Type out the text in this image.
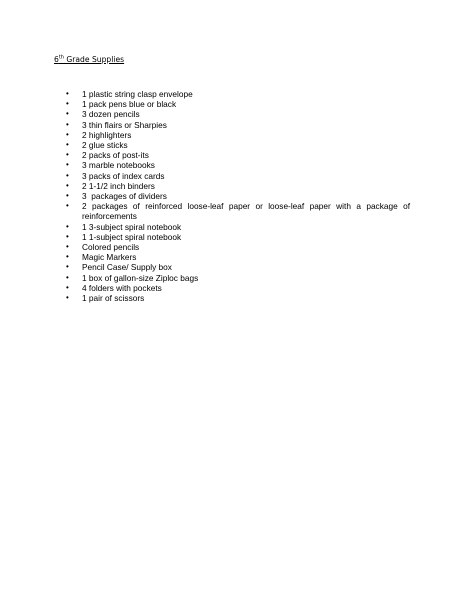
6th Grade Supplies
• 1 plastic string clasp envelope
• 1 pack pens blue or black
• 3 dozen pencils
• 3 thin flairs or Sharpies
• 2 highlighters
• 2 glue sticks
• 2 packs of post-its
• 3 marble notebooks
• 3 packs of index cards
• 2 1-1/2 inch binders
• 3  packages of dividers
• 2 packages of reinforced loose-leaf paper or loose-leaf paper with a package of reinforcements
• 1 3-subject spiral notebook
• 1 1-subject spiral notebook
• Colored pencils
• Magic Markers
• Pencil Case/ Supply box
• 1 box of gallon-size Ziploc bags
• 4 folders with pockets
• 1 pair of scissors
